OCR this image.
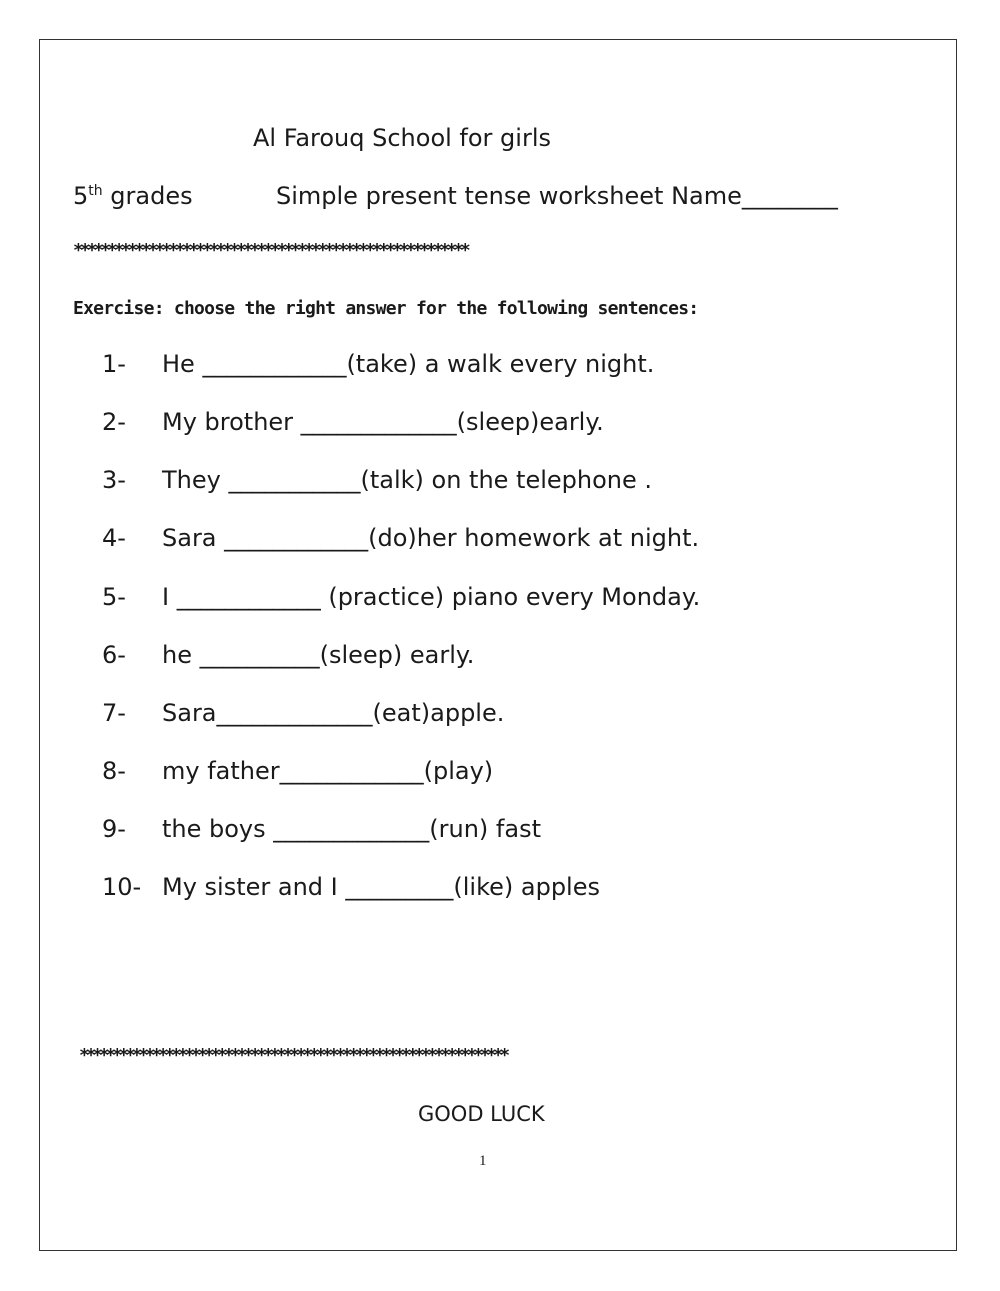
Al Farouq School for girls
5th grades	Simple present tense worksheet Name________
**********************************************************
Exercise: choose the right answer for the following sentences:
1- He ____________(take) a walk every night.
2- My brother _____________(sleep)early.
3- They ___________(talk) on the telephone .
4- Sara ____________(do)her homework at night.
5- I ____________ (practice) piano every Monday.
6- he __________(sleep) early.
7- Sara_____________(eat)apple.
8- my father____________(play)
9- the boys _____________(run) fast
10- My sister and I _________(like) apples
*****************************************************************
GOOD LUCK
1
